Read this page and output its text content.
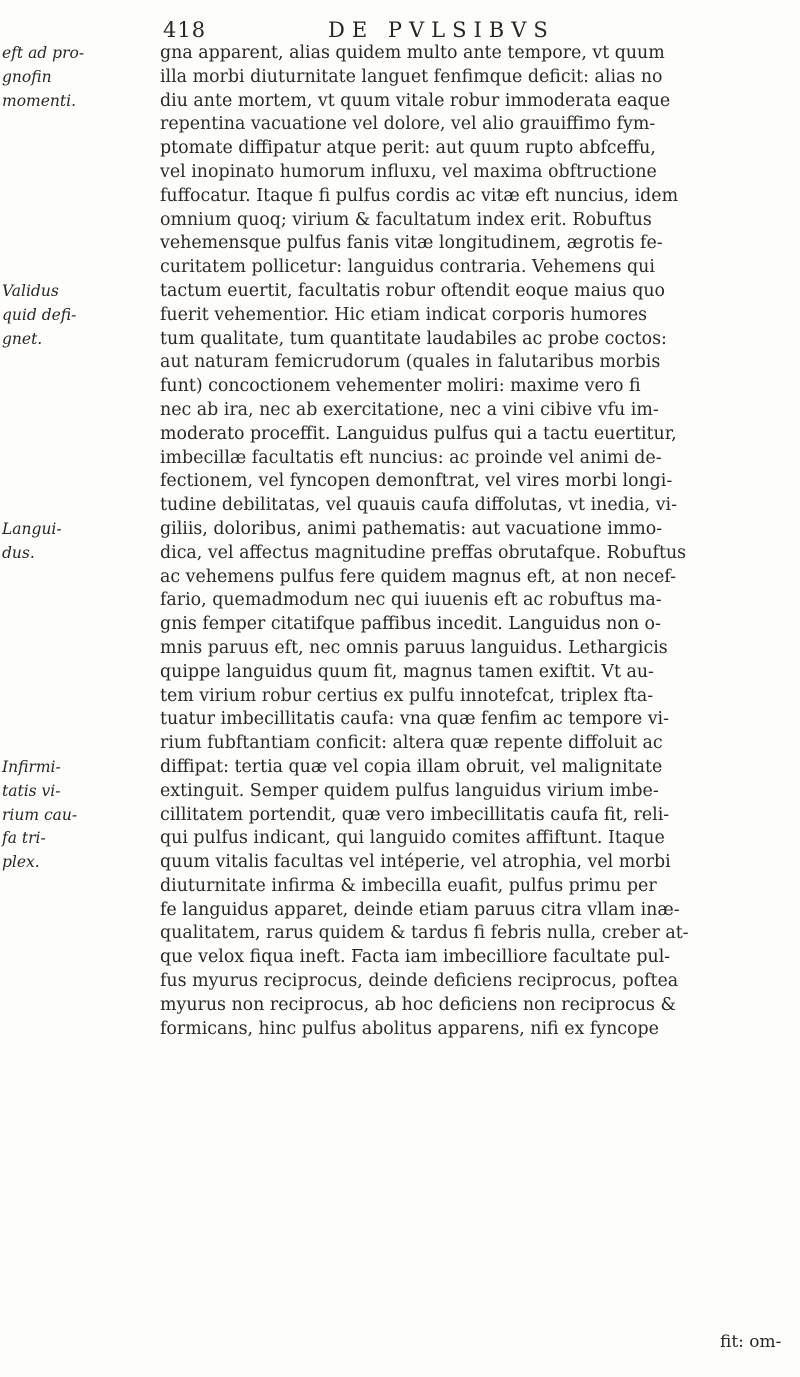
418	DE PVLSIBVS
eft ad pro-
gnofin
momenti.
Validus
quid defi-
gnet.
Langui-
dus.
Infirmi-
tatis vi-
rium cau-
fa tri-
plex.
gna apparent, alias quidem multo ante tempore, vt quum
illa morbi diuturnitate languet fenfimque deficit: alias no
diu ante mortem, vt quum vitale robur immoderata eaque
repentina vacuatione vel dolore, vel alio grauiffimo fym-
ptomate diffipatur atque perit: aut quum rupto abfceffu,
vel inopinato humorum influxu, vel maxima obftructione
fuffocatur. Itaque fi pulfus cordis ac vitæ eft nuncius, idem
omnium quoq; virium & facultatum index erit. Robuftus
vehemensque pulfus fanis vitæ longitudinem, ægrotis fe-
curitatem pollicetur: languidus contraria. Vehemens qui
tactum euertit, facultatis robur oftendit eoque maius quo
fuerit vehementior. Hic etiam indicat corporis humores
tum qualitate, tum quantitate laudabiles ac probe coctos:
aut naturam femicrudorum (quales in falutaribus morbis
funt) concoctionem vehementer moliri: maxime vero fi
nec ab ira, nec ab exercitatione, nec a vini cibive vfu im-
moderato proceffit. Languidus pulfus qui a tactu euertitur,
imbecillæ facultatis eft nuncius: ac proinde vel animi de-
fectionem, vel fyncopen demonftrat, vel vires morbi longi-
tudine debilitatas, vel quauis caufa diffolutas, vt inedia, vi-
giliis, doloribus, animi pathematis: aut vacuatione immo-
dica, vel affectus magnitudine preffas obrutafque. Robuftus
ac vehemens pulfus fere quidem magnus eft, at non necef-
fario, quemadmodum nec qui iuuenis eft ac robuftus ma-
gnis femper citatifque paffibus incedit. Languidus non o-
mnis paruus eft, nec omnis paruus languidus. Lethargicis
quippe languidus quum fit, magnus tamen exiftit. Vt au-
tem virium robur certius ex pulfu innotefcat, triplex fta-
tuatur imbecillitatis caufa: vna quæ fenfim ac tempore vi-
rium fubftantiam conficit: altera quæ repente diffoluit ac
diffipat: tertia quæ vel copia illam obruit, vel malignitate
extinguit. Semper quidem pulfus languidus virium imbe-
cillitatem portendit, quæ vero imbecillitatis caufa fit, reli-
qui pulfus indicant, qui languido comites affiftunt. Itaque
quum vitalis facultas vel intéperie, vel atrophia, vel morbi
diuturnitate infirma & imbecilla euafit, pulfus primu per
fe languidus apparet, deinde etiam paruus citra vllam inæ-
qualitatem, rarus quidem & tardus fi febris nulla, creber at-
que velox fiqua ineft. Facta iam imbecilliore facultate pul-
fus myurus reciprocus, deinde deficiens reciprocus, poftea
myurus non reciprocus, ab hoc deficiens non reciprocus &
formicans, hinc pulfus abolitus apparens, nifi ex fyncope
fit: om-
